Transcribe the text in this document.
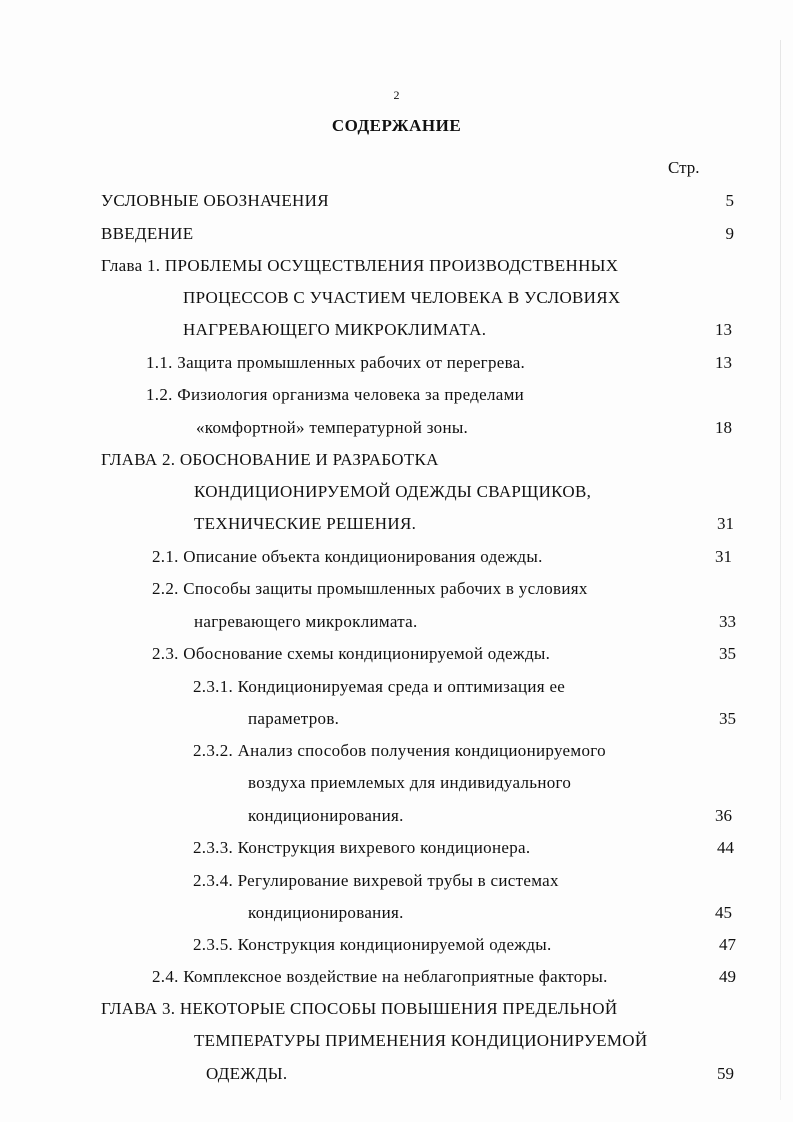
2
СОДЕРЖАНИЕ
Стр.
УСЛОВНЫЕ ОБОЗНАЧЕНИЯ	5
ВВЕДЕНИЕ	9
Глава 1. ПРОБЛЕМЫ ОСУЩЕСТВЛЕНИЯ ПРОИЗВОДСТВЕННЫХ
ПРОЦЕССОВ С УЧАСТИЕМ ЧЕЛОВЕКА В УСЛОВИЯХ
НАГРЕВАЮЩЕГО МИКРОКЛИМАТА.	13
1.1. Защита промышленных рабочих от перегрева.	13
1.2. Физиология организма человека за пределами
«комфортной» температурной зоны.	18
ГЛАВА 2. ОБОСНОВАНИЕ И РАЗРАБОТКА
КОНДИЦИОНИРУЕМОЙ ОДЕЖДЫ СВАРЩИКОВ,
ТЕХНИЧЕСКИЕ РЕШЕНИЯ.	31
2.1. Описание объекта кондиционирования одежды.	31
2.2. Способы защиты промышленных рабочих в условиях
нагревающего микроклимата.	33
2.3. Обоснование схемы кондиционируемой одежды.	35
2.3.1. Кондиционируемая среда и оптимизация ее
параметров.	35
2.3.2. Анализ способов получения кондиционируемого
воздуха приемлемых для индивидуального
кондиционирования.	36
2.3.3. Конструкция вихревого кондиционера.	44
2.3.4. Регулирование вихревой трубы в системах
кондиционирования.	45
2.3.5. Конструкция кондиционируемой одежды.	47
2.4. Комплексное воздействие на неблагоприятные факторы.	49
ГЛАВА 3. НЕКОТОРЫЕ СПОСОБЫ ПОВЫШЕНИЯ ПРЕДЕЛЬНОЙ
ТЕМПЕРАТУРЫ ПРИМЕНЕНИЯ КОНДИЦИОНИРУЕМОЙ
ОДЕЖДЫ.	59
